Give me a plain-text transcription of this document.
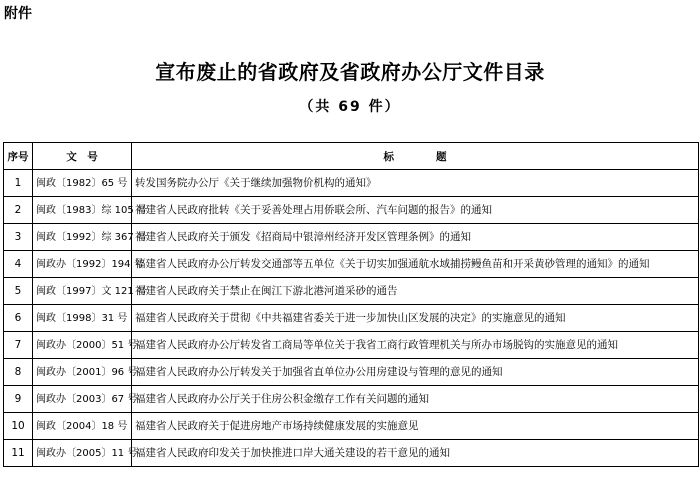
附件
宣布废止的省政府及省政府办公厅文件目录
（共 69 件）
序号	文　号	标　　　　题
1	闽政〔1982〕65 号	转发国务院办公厅《关于继续加强物价机构的通知》
2	闽政〔1983〕综 105 号	福建省人民政府批转《关于妥善处理占用侨联会所、汽车问题的报告》的通知
3	闽政〔1992〕综 367 号	福建省人民政府关于颁发《招商局中银漳州经济开发区管理条例》的通知
4	闽政办〔1992〕194 号	福建省人民政府办公厅转发交通部等五单位《关于切实加强通航水域捕捞鳗鱼苗和开采黄砂管理的通知》的通知
5	闽政〔1997〕文 121 号	福建省人民政府关于禁止在闽江下游北港河道采砂的通告
6	闽政〔1998〕31 号	福建省人民政府关于贯彻《中共福建省委关于进一步加快山区发展的决定》的实施意见的通知
7	闽政办〔2000〕51 号	福建省人民政府办公厅转发省工商局等单位关于我省工商行政管理机关与所办市场脱钩的实施意见的通知
8	闽政办〔2001〕96 号	福建省人民政府办公厅转发关于加强省直单位办公用房建设与管理的意见的通知
9	闽政办〔2003〕67 号	福建省人民政府办公厅关于住房公积金缴存工作有关问题的通知
10	闽政〔2004〕18 号	福建省人民政府关于促进房地产市场持续健康发展的实施意见
11	闽政办〔2005〕11 号	福建省人民政府印发关于加快推进口岸大通关建设的若干意见的通知
